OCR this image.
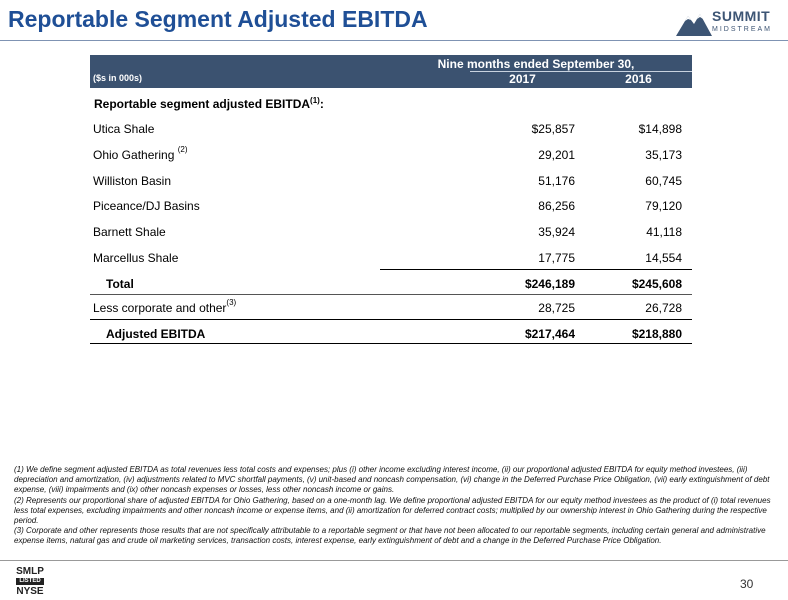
Reportable Segment Adjusted EBITDA	SUMMIT
MIDSTREAM
Nine months ended September 30,
($s in 000s)	2017	2016
Reportable segment adjusted EBITDA$^{(1)}$:
Utica Shale	$25,857	$14,898
Ohio Gathering $^{(2)}$	29,201	35,173
Williston Basin	51,176	60,745
Piceance/DJ Basins	86,256	79,120
Barnett Shale	35,924	41,118
Marcellus Shale	17,775	14,554
Total	$246,189	$245,608
Less corporate and other$^{(3)}$	28,725	26,728
Adjusted EBITDA	$217,464	$218,880

(1) We define segment adjusted EBITDA as total revenues less total costs and expenses; plus (i) other income excluding interest income, (ii) our proportional adjusted EBITDA for equity method investees, (iii) depreciation and amortization, (iv) adjustments related to MVC shortfall payments, (v) unit-based and noncash compensation, (vi) change in the Deferred Purchase Price Obligation, (vii) early extinguishment of debt expense, (viii) impairments and (ix) other noncash expenses or losses, less other noncash income or gains.

(2) Represents our proportional share of adjusted EBITDA for Ohio Gathering, based on a one-month lag. We define proportional adjusted EBITDA for our equity method investees as the product of (i) total revenues less total expenses, excluding impairments and other noncash income or expense items, and (ii) amortization for deferred contract costs; multiplied by our ownership interest in Ohio Gathering during the respective period.

(3) Corporate and other represents those results that are not specifically attributable to a reportable segment or that have not been allocated to our reportable segments, including certain general and administrative expense items, natural gas and crude oil marketing services, transaction costs, interest expense, early extinguishment of debt and a change in the Deferred Purchase Price Obligation.

SMLP
LISTED
NYSE
30
